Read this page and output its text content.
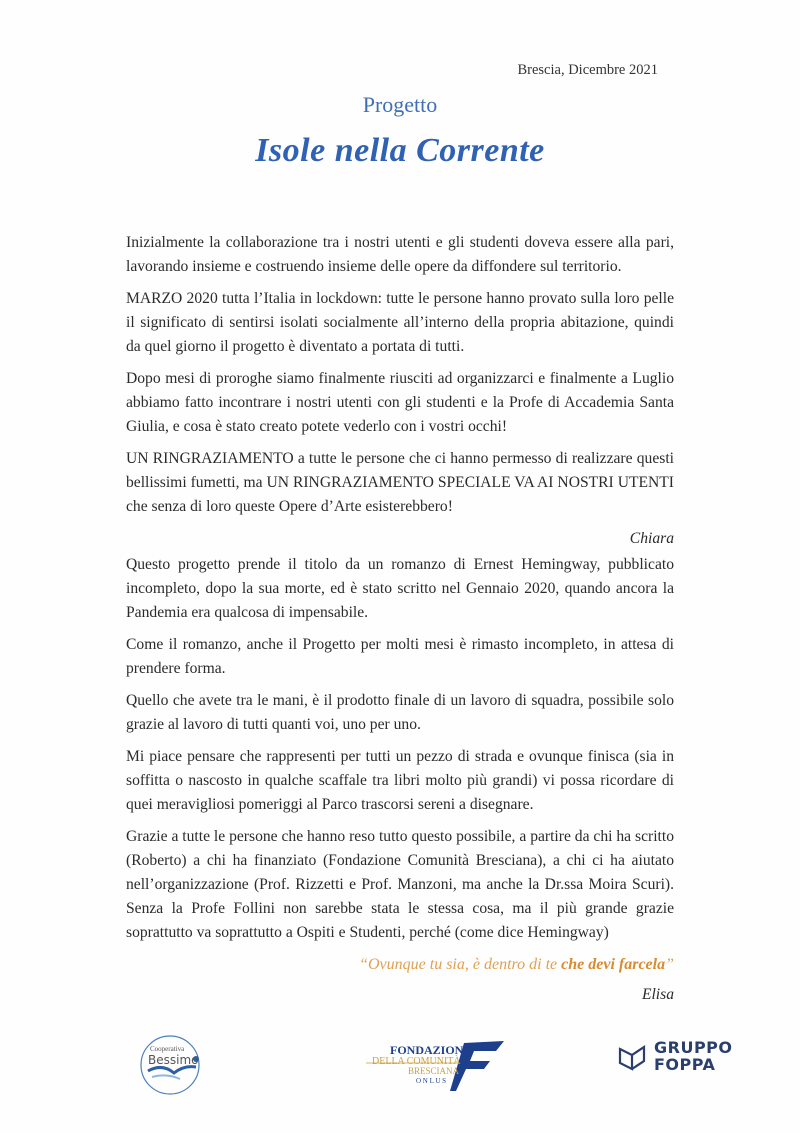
Brescia, Dicembre 2021
Progetto
Isole nella Corrente

Inizialmente la collaborazione tra i nostri utenti e gli studenti doveva essere alla pari, lavorando insieme e costruendo insieme delle opere da diffondere sul territorio.

MARZO 2020 tutta l’Italia in lockdown: tutte le persone hanno provato sulla loro pelle il significato di sentirsi isolati socialmente all’interno della propria abitazione, quindi da quel giorno il progetto è diventato a portata di tutti.

Dopo mesi di proroghe siamo finalmente riusciti ad organizzarci e finalmente a Luglio abbiamo fatto incontrare i nostri utenti con gli studenti e la Profe di Accademia Santa Giulia, e cosa è stato creato potete vederlo con i vostri occhi!

UN RINGRAZIAMENTO a tutte le persone che ci hanno permesso di realizzare questi bellissimi fumetti, ma UN RINGRAZIAMENTO SPECIALE VA AI NOSTRI UTENTI che senza di loro queste Opere d’Arte esisterebbero!

Chiara

Questo progetto prende il titolo da un romanzo di Ernest Hemingway, pubblicato incompleto, dopo la sua morte, ed è stato scritto nel Gennaio 2020, quando ancora la Pandemia era qualcosa di impensabile.

Come il romanzo, anche il Progetto per molti mesi è rimasto incompleto, in attesa di prendere forma.

Quello che avete tra le mani, è il prodotto finale di un lavoro di squadra, possibile solo grazie al lavoro di tutti quanti voi, uno per uno.

Mi piace pensare che rappresenti per tutti un pezzo di strada e ovunque finisca (sia in soffitta o nascosto in qualche scaffale tra libri molto più grandi) vi possa ricordare di quei meravigliosi pomeriggi al Parco trascorsi sereni a disegnare.

Grazie a tutte le persone che hanno reso tutto questo possibile, a partire da chi ha scritto (Roberto) a chi ha finanziato (Fondazione Comunità Bresciana), a chi ci ha aiutato nell’organizzazione (Prof. Rizzetti e Prof. Manzoni, ma anche la Dr.ssa Moira Scuri). Senza la Profe Follini non sarebbe stata le stessa cosa, ma il più grande grazie soprattutto va soprattutto a Ospiti e Studenti, perché (come dice Hemingway)

“Ovunque tu sia, è dentro di te che devi farcela”
Elisa
Cooperativa
Bessimo
FONDAZIONE
DELLA COMUNITÀ
BRESCIANA
O N L U S
GRUPPO
FOPPA
